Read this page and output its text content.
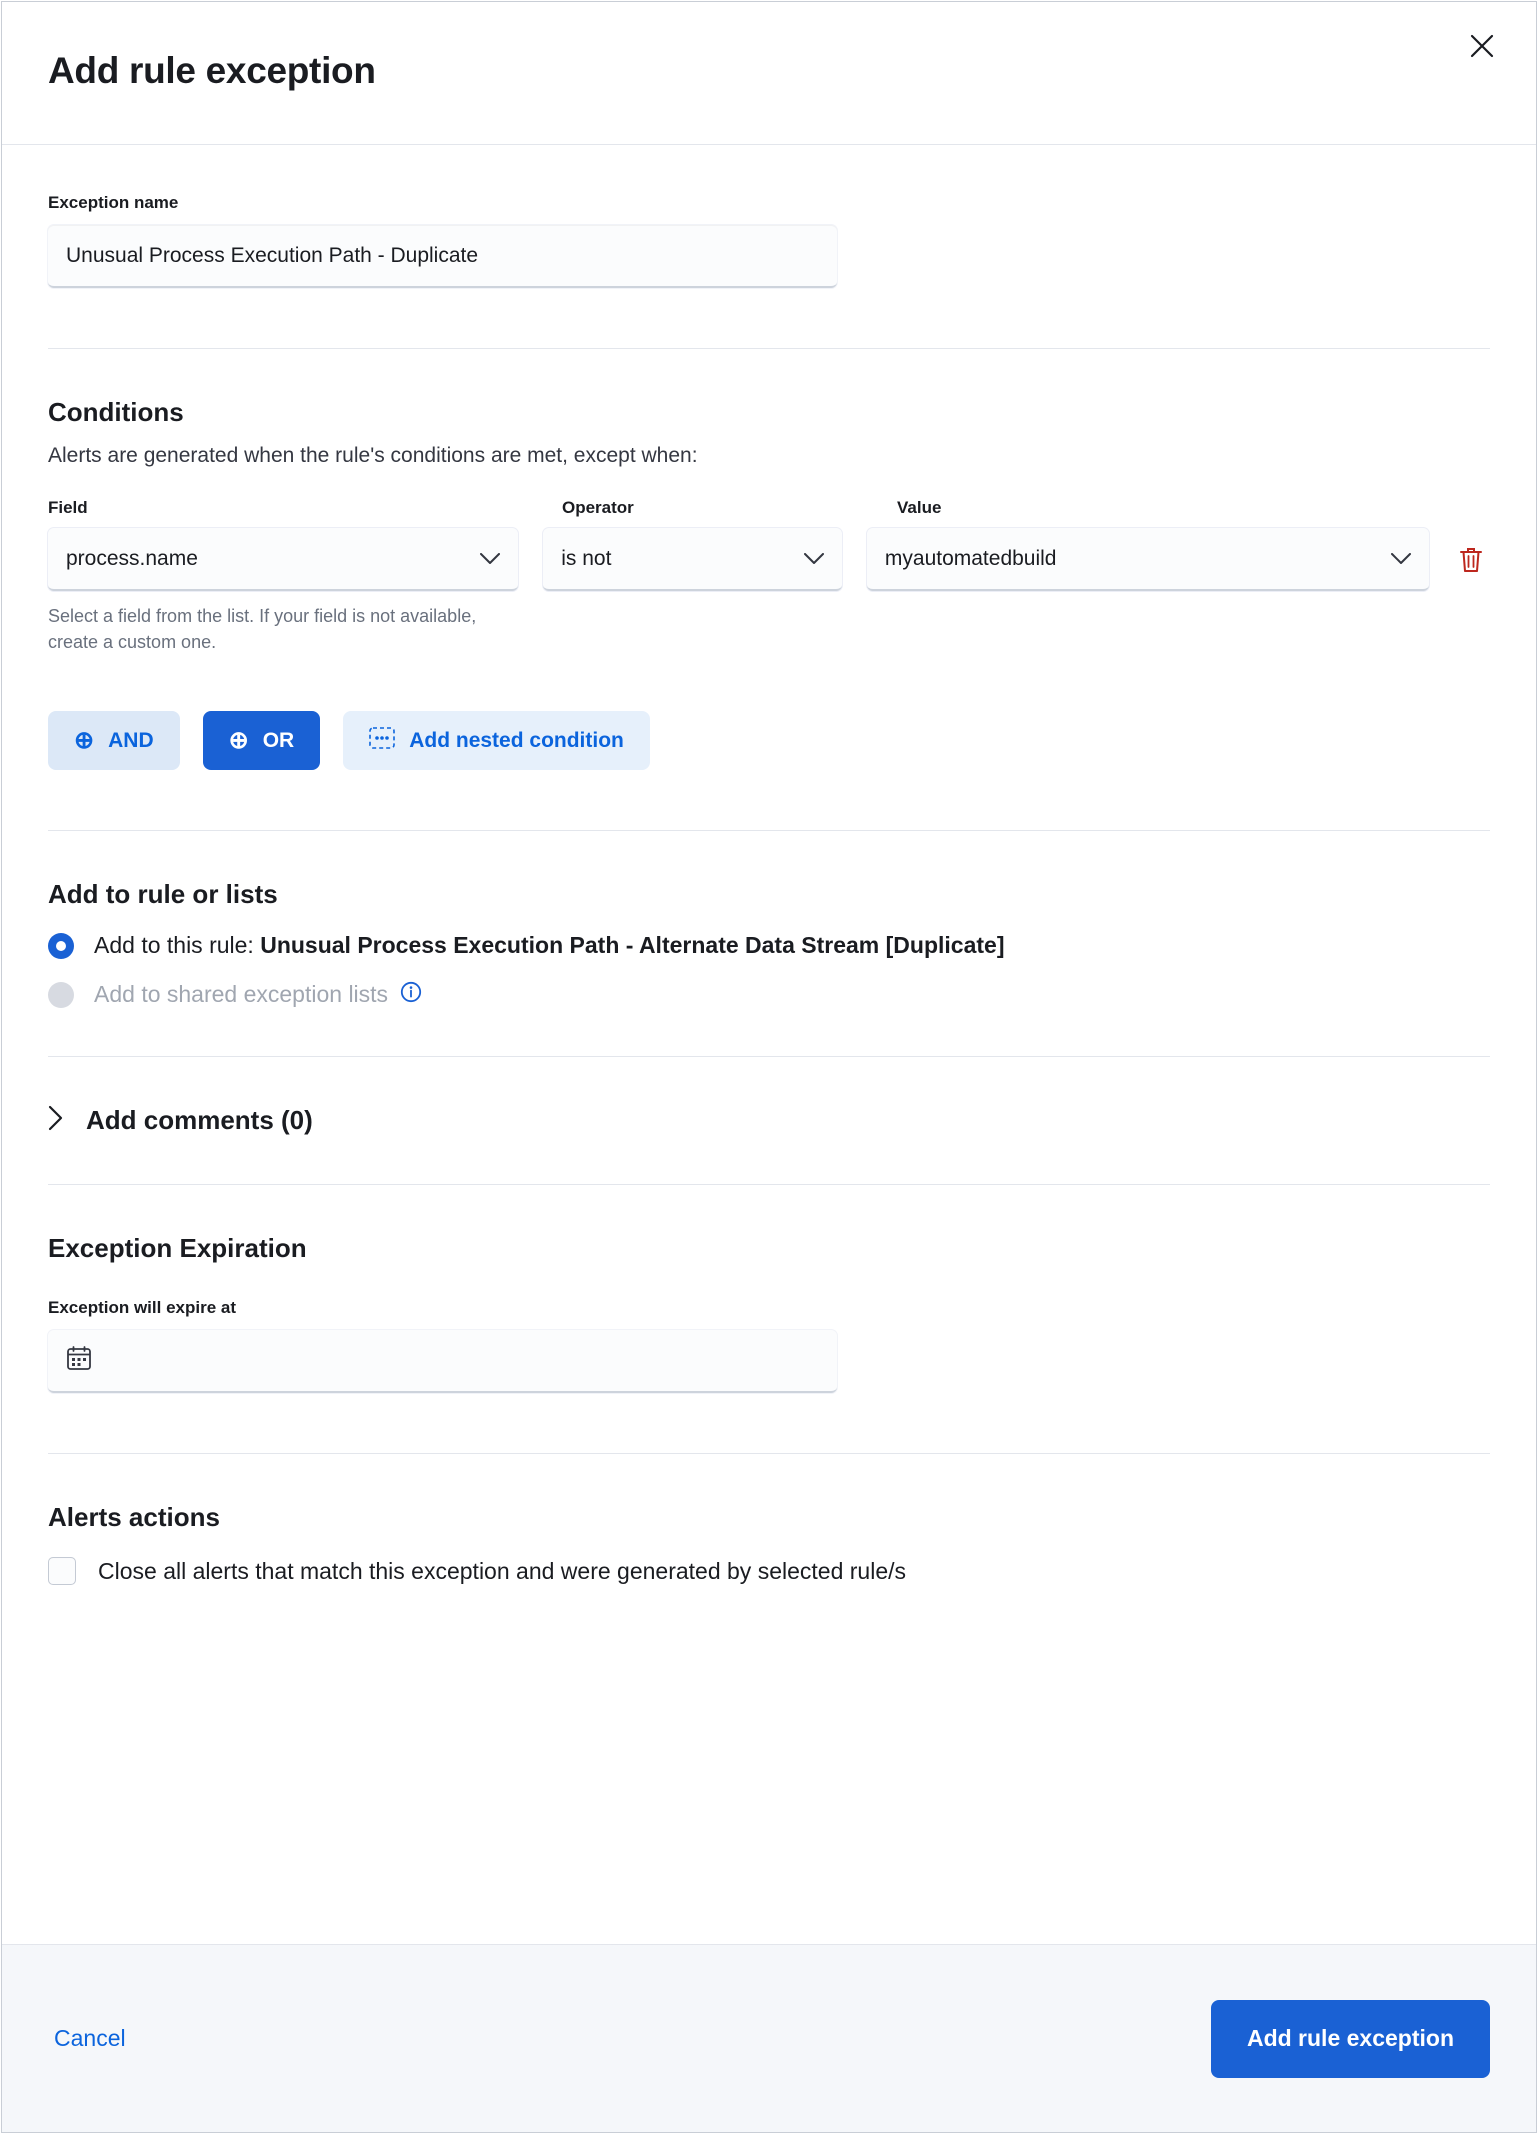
Add rule exception
Exception name
Unusual Process Execution Path - Duplicate
Conditions
Alerts are generated when the rule's conditions are met, except when:
Field	Operator	Value
process.name	is not	myautomatedbuild
Select a field from the list. If your field is not available, create a custom one.
⊕ AND	⊕ OR	Add nested condition
Add to rule or lists
Add to this rule: Unusual Process Execution Path - Alternate Data Stream [Duplicate]
Add to shared exception lists
Add comments (0)
Exception Expiration
Exception will expire at
Alerts actions
Close all alerts that match this exception and were generated by selected rule/s
Cancel	Add rule exception
